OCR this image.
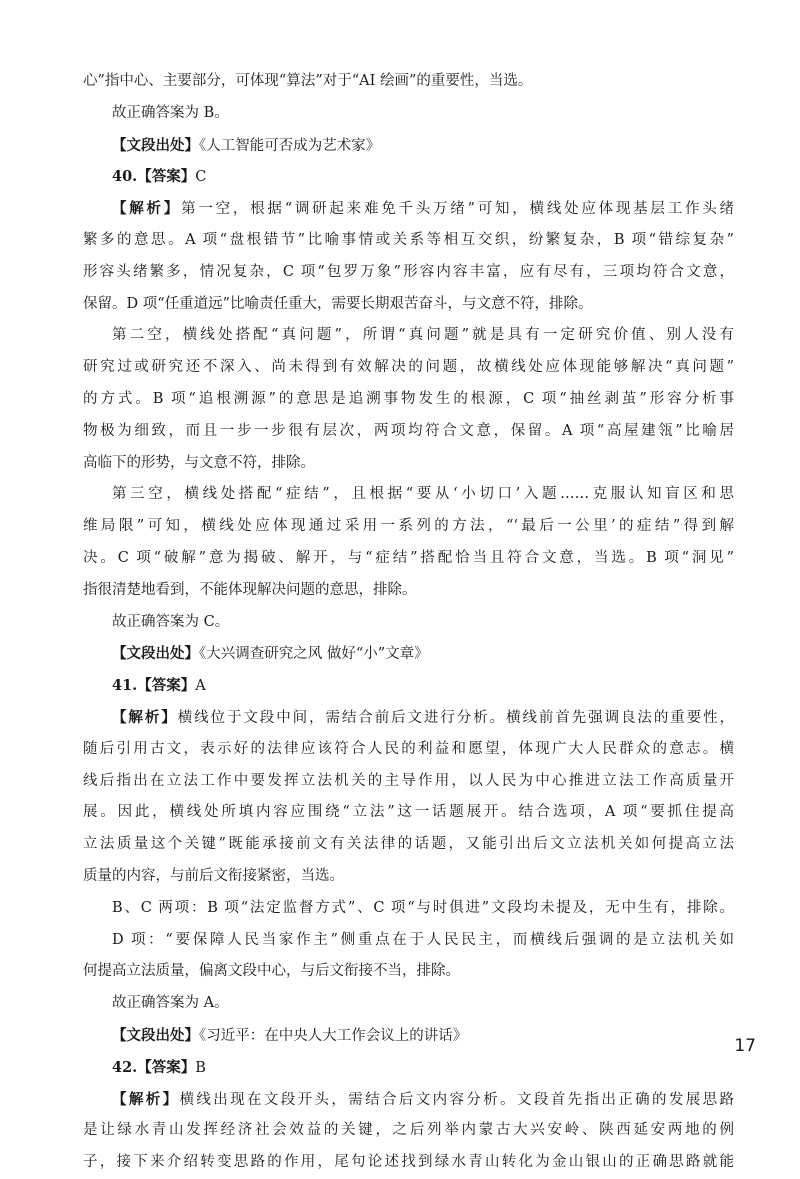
心”指中心、主要部分，可体现“算法”对于“AI 绘画”的重要性，当选。
故正确答案为 B。
【文段出处】《人工智能可否成为艺术家》
40.【答案】C
【解析】第一空，根据“调研起来难免千头万绪”可知，横线处应体现基层工作头绪
繁多的意思。A 项“盘根错节”比喻事情或关系等相互交织，纷繁复杂，B 项“错综复杂”
形容头绪繁多，情况复杂，C 项“包罗万象”形容内容丰富，应有尽有，三项均符合文意，
保留。D 项“任重道远”比喻责任重大，需要长期艰苦奋斗，与文意不符，排除。
第二空，横线处搭配“真问题”，所谓“真问题”就是具有一定研究价值、别人没有
研究过或研究还不深入、尚未得到有效解决的问题，故横线处应体现能够解决“真问题”
的方式。B 项“追根溯源”的意思是追溯事物发生的根源，C 项“抽丝剥茧”形容分析事
物极为细致，而且一步一步很有层次，两项均符合文意，保留。A 项“高屋建瓴”比喻居
高临下的形势，与文意不符，排除。
第三空，横线处搭配“症结”，且根据“要从‘小切口’入题……克服认知盲区和思
维局限”可知，横线处应体现通过采用一系列的方法，“‘最后一公里’的症结”得到解
决。C 项“破解”意为揭破、解开，与“症结”搭配恰当且符合文意，当选。B 项“洞见”
指很清楚地看到，不能体现解决问题的意思，排除。
故正确答案为 C。
【文段出处】《大兴调查研究之风 做好“小”文章》
41.【答案】A
【解析】横线位于文段中间，需结合前后文进行分析。横线前首先强调良法的重要性，
随后引用古文，表示好的法律应该符合人民的利益和愿望，体现广大人民群众的意志。横
线后指出在立法工作中要发挥立法机关的主导作用，以人民为中心推进立法工作高质量开
展。因此，横线处所填内容应围绕“立法”这一话题展开。结合选项，A 项“要抓住提高
立法质量这个关键”既能承接前文有关法律的话题，又能引出后文立法机关如何提高立法
质量的内容，与前后文衔接紧密，当选。
B、C 两项：B 项“法定监督方式”、C 项“与时俱进”文段均未提及，无中生有，排除。
D 项：“要保障人民当家作主”侧重点在于人民民主，而横线后强调的是立法机关如
何提高立法质量，偏离文段中心，与后文衔接不当，排除。
故正确答案为 A。
【文段出处】《习近平：在中央人大工作会议上的讲话》
42.【答案】B
【解析】横线出现在文段开头，需结合后文内容分析。文段首先指出正确的发展思路
是让绿水青山发挥经济社会效益的关键，之后列举内蒙古大兴安岭、陕西延安两地的例
子，接下来介绍转变思路的作用，尾句论述找到绿水青山转化为金山银山的正确思路就能
17
